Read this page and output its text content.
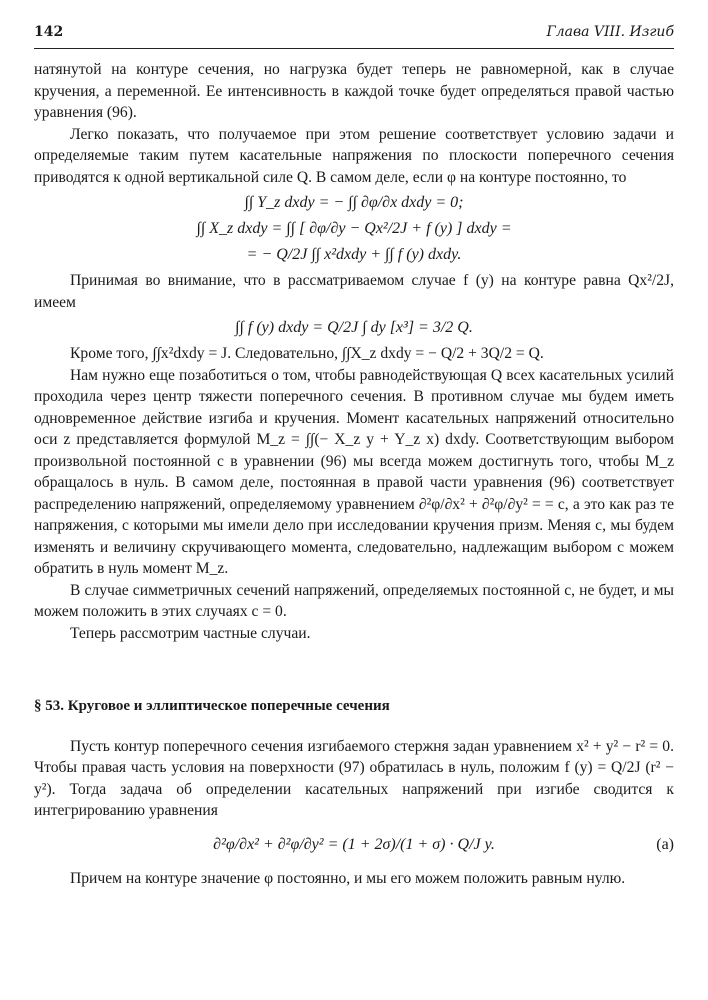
142	Глава VIII. Изгиб

натянутой на контуре сечения, но нагрузка будет теперь не равномерной, как в случае кручения, а переменной. Ее интенсивность в каждой точке будет определяться правой частью уравнения (96).

Легко показать, что получаемое при этом решение соответствует условию задачи и определяемые таким путем касательные напряжения по плоскости поперечного сечения приводятся к одной вертикальной силе Q. В самом деле, если φ на контуре постоянно, то

∫∫ Y_z dxdy = − ∫∫ ∂φ/∂x dxdy = 0;
∫∫ X_z dxdy = ∫∫ [ ∂φ/∂y − Qx²/2J + f (y) ] dxdy =
= − Q/2J ∫∫ x²dxdy + ∫∫ f (y) dxdy.

Принимая во внимание, что в рассматриваемом случае f (y) на контуре равна Qx²/2J, имеем

∫∫ f (y) dxdy = Q/2J ∫ dy [x³] = 3/2 Q.

Кроме того, ∫∫x²dxdy = J. Следовательно, ∫∫X_z dxdy = − Q/2 + 3Q/2 = Q.

Нам нужно еще позаботиться о том, чтобы равнодействующая Q всех касательных усилий проходила через центр тяжести поперечного сечения. В противном случае мы будем иметь одновременное действие изгиба и кручения. Момент касательных напряжений относительно оси z представляется формулой M_z = ∫∫(− X_z y + Y_z x) dxdy. Соответствующим выбором произвольной постоянной c в уравнении (96) мы всегда можем достигнуть того, чтобы M_z обращалось в нуль. В самом деле, постоянная в правой части уравнения (96) соответствует распределению напряжений, определяемому уравнением ∂²φ/∂x² + ∂²φ/∂y² = = c, а это как раз те напряжения, с которыми мы имели дело при исследовании кручения призм. Меняя c, мы будем изменять и величину скручивающего момента, следовательно, надлежащим выбором c можем обратить в нуль момент M_z.

В случае симметричных сечений напряжений, определяемых постоянной c, не будет, и мы можем положить в этих случаях c = 0.

Теперь рассмотрим частные случаи.

§ 53. Круговое и эллиптическое поперечные сечения

Пусть контур поперечного сечения изгибаемого стержня задан уравнением x² + y² − r² = 0. Чтобы правая часть условия на поверхности (97) обратилась в нуль, положим f (y) = Q/2J (r² − y²). Тогда задача об определении касательных напряжений при изгибе сводится к интегрированию уравнения

∂²φ/∂x² + ∂²φ/∂y² = (1 + 2σ)/(1 + σ) · Q/J y.	(a)

Причем на контуре значение φ постоянно, и мы его можем положить равным нулю.
